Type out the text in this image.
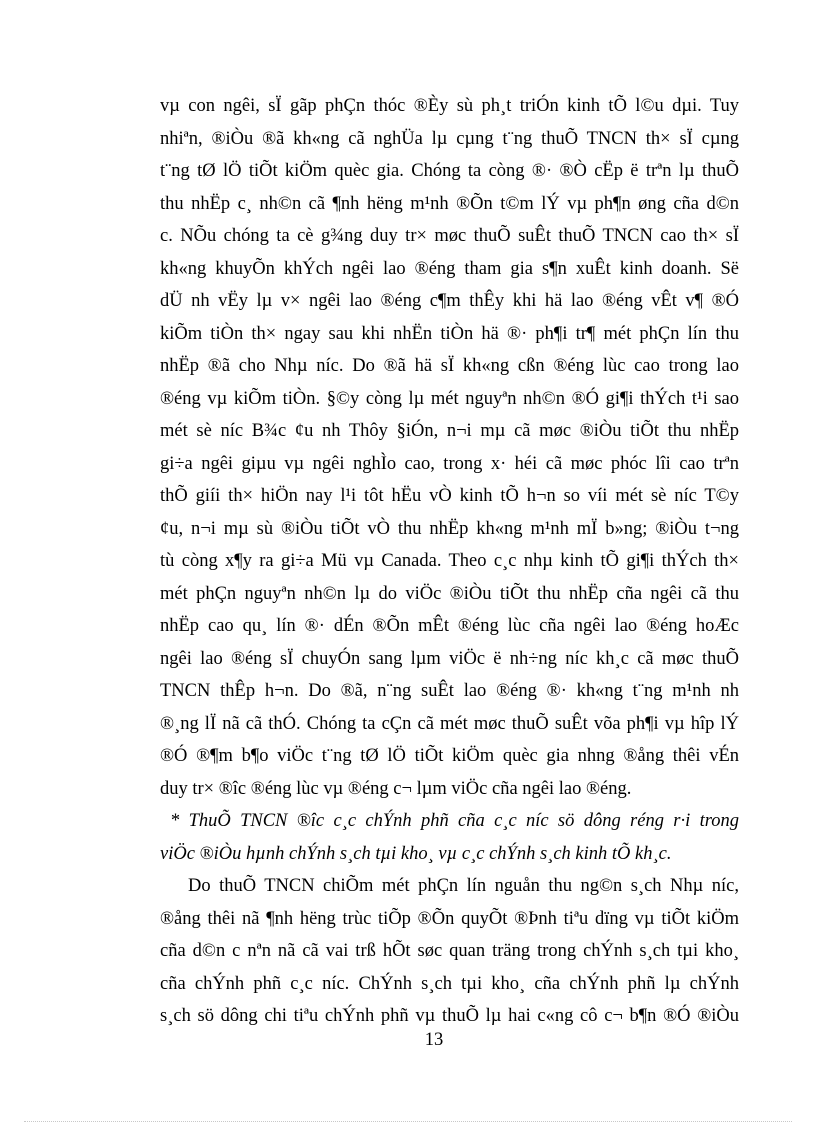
vµ con ngêi, sÏ gãp phÇn thóc ®Èy sù ph¸t triÓn kinh tÕ l©u dµi. Tuy
nhiªn, ®iÒu ®ã kh«ng cã nghÜa lµ cµng t¨ng thuÕ TNCN th× sÏ cµng
t¨ng tØ lÖ tiÕt kiÖm quèc gia. Chóng ta còng ®· ®Ò cËp ë trªn lµ thuÕ
thu nhËp c¸ nh©n cã ¶nh hëng m¹nh ®Õn t©m lÝ vµ ph¶n øng cña d©n
c. NÕu chóng ta cè g¾ng duy tr× møc thuÕ suÊt thuÕ TNCN cao th× sÏ
kh«ng khuyÕn khÝch ngêi lao ®éng tham gia s¶n xuÊt kinh doanh. Së
dÜ nh vËy lµ v× ngêi lao ®éng c¶m thÊy khi hä lao ®éng vÊt v¶ ®Ó
kiÕm tiÒn th× ngay sau khi nhËn tiÒn hä ®· ph¶i tr¶ mét phÇn lín thu
nhËp ®ã cho Nhµ níc. Do ®ã hä sÏ kh«ng cßn ®éng lùc cao trong lao
®éng vµ kiÕm tiÒn. §©y còng lµ mét nguyªn nh©n ®Ó gi¶i thÝch t¹i sao
mét sè níc B¾c ¢u nh Thôy §iÓn, n¬i mµ cã møc ®iÒu tiÕt thu nhËp
gi÷a ngêi giµu vµ ngêi nghÌo cao, trong x· héi cã møc phóc lîi cao trªn
thÕ giíi th× hiÖn nay l¹i tôt hËu vÒ kinh tÕ h¬n so víi mét sè níc T©y
¢u, n¬i mµ sù ®iÒu tiÕt vÒ thu nhËp kh«ng m¹nh mÏ b»ng; ®iÒu t¬ng
tù còng x¶y ra gi÷a Mü vµ Canada. Theo c¸c nhµ kinh tÕ gi¶i thÝch th×
mét phÇn nguyªn nh©n lµ do viÖc ®iÒu tiÕt thu nhËp cña ngêi cã thu
nhËp cao qu¸ lín ®· dÉn ®Õn mÊt ®éng lùc cña ngêi lao ®éng hoÆc
ngêi lao ®éng sÏ chuyÓn sang lµm viÖc ë nh÷ng níc kh¸c cã møc thuÕ
TNCN thÊp h¬n. Do ®ã, n¨ng suÊt lao ®éng ®· kh«ng t¨ng m¹nh nh
®¸ng lÏ nã cã thÓ. Chóng ta cÇn cã mét møc thuÕ suÊt võa ph¶i vµ hîp lÝ
®Ó ®¶m b¶o viÖc t¨ng tØ lÖ tiÕt kiÖm quèc gia nhng ®ång thêi vÉn
duy tr× ®îc ®éng lùc vµ ®éng c¬ lµm viÖc cña ngêi lao ®éng.
* ThuÕ TNCN ®îc c¸c chÝnh phñ cña c¸c níc sö dông réng r·i trong
viÖc ®iÒu hµnh chÝnh s¸ch tµi kho¸ vµ c¸c chÝnh s¸ch kinh tÕ kh¸c.
Do thuÕ TNCN chiÕm mét phÇn lín nguån thu ng©n s¸ch Nhµ níc,
®ång thêi nã ¶nh hëng trùc tiÕp ®Õn quyÕt ®Þnh tiªu dïng vµ tiÕt kiÖm
cña d©n c nªn nã cã vai trß hÕt søc quan träng trong chÝnh s¸ch tµi kho¸
cña chÝnh phñ c¸c níc. ChÝnh s¸ch tµi kho¸ cña chÝnh phñ lµ chÝnh
s¸ch sö dông chi tiªu chÝnh phñ vµ thuÕ lµ hai c«ng cô c¬ b¶n ®Ó ®iÒu
13
